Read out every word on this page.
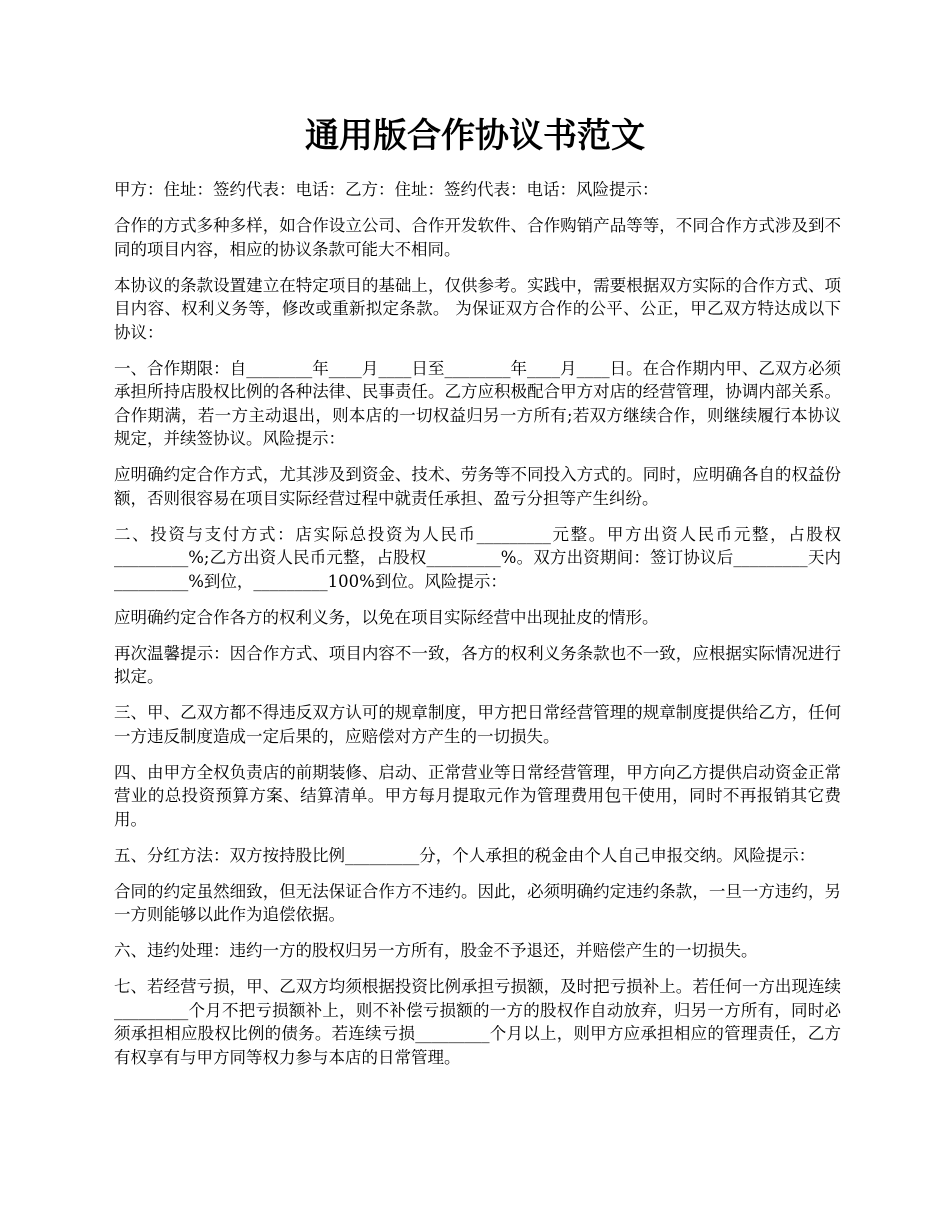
通用版合作协议书范文

甲方：住址：签约代表：电话：乙方：住址：签约代表：电话：风险提示：

合作的方式多种多样，如合作设立公司、合作开发软件、合作购销产品等等，不同合作方式涉及到不同的项目内容，相应的协议条款可能大不相同。

本协议的条款设置建立在特定项目的基础上，仅供参考。实践中，需要根据双方实际的合作方式、项目内容、权利义务等，修改或重新拟定条款。 为保证双方合作的公平、公正，甲乙双方特达成以下协议：

一、合作期限：自________年____月____日至________年____月____日。在合作期内甲、乙双方必须承担所持店股权比例的各种法律、民事责任。乙方应积极配合甲方对店的经营管理，协调内部关系。合作期满，若一方主动退出，则本店的一切权益归另一方所有;若双方继续合作，则继续履行本协议规定，并续签协议。风险提示：

应明确约定合作方式，尤其涉及到资金、技术、劳务等不同投入方式的。同时，应明确各自的权益份额，否则很容易在项目实际经营过程中就责任承担、盈亏分担等产生纠纷。

二、投资与支付方式：店实际总投资为人民币_________元整。甲方出资人民币元整，占股权_________%;乙方出资人民币元整，占股权_________%。双方出资期间：签订协议后_________天内_________%到位，_________100%到位。风险提示：

应明确约定合作各方的权利义务，以免在项目实际经营中出现扯皮的情形。

再次温馨提示：因合作方式、项目内容不一致，各方的权利义务条款也不一致，应根据实际情况进行拟定。

三、甲、乙双方都不得违反双方认可的规章制度，甲方把日常经营管理的规章制度提供给乙方，任何一方违反制度造成一定后果的，应赔偿对方产生的一切损失。

四、由甲方全权负责店的前期装修、启动、正常营业等日常经营管理，甲方向乙方提供启动资金正常营业的总投资预算方案、结算清单。甲方每月提取元作为管理费用包干使用，同时不再报销其它费用。

五、分红方法：双方按持股比例_________分，个人承担的税金由个人自己申报交纳。风险提示：

合同的约定虽然细致，但无法保证合作方不违约。因此，必须明确约定违约条款，一旦一方违约，另一方则能够以此作为追偿依据。

六、违约处理：违约一方的股权归另一方所有，股金不予退还，并赔偿产生的一切损失。

七、若经营亏损，甲、乙双方均须根据投资比例承担亏损额，及时把亏损补上。若任何一方出现连续_________个月不把亏损额补上，则不补偿亏损额的一方的股权作自动放弃，归另一方所有，同时必须承担相应股权比例的债务。若连续亏损_________个月以上，则甲方应承担相应的管理责任，乙方有权享有与甲方同等权力参与本店的日常管理。
